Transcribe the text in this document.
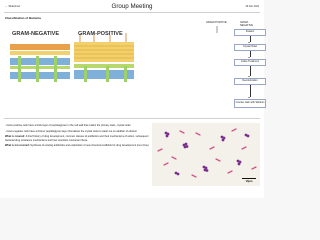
← Slideshow	09 Feb 2024
Group Meeting
Classification of Bacteria
GRAM-NEGATIVE	GRAM-POSITIVE
GRAM-POSITIVE	GRAM-NEGATIVE
Fixation
Crystal Violet
Iodine Treatment
Decolorization
Counter stain with Safranin

- Gram-positive cells have a thick layer of peptidoglycan in the cell wall that retains the primary stain, crystal violet

- Gram-negative cells have a thinner peptidoglycan layer that allows the crystal violet to wash out on addition of ethanol

What is covered: A brief history of drug development, common classes of antibiotics and their mechanisms of action, subsequent bacterial drug resistance mechanisms and how scientists counteract these.

What is not covered: Synthesis of existing antibiotics and exploration of new chemical scaffolds for drug development (next time)

10μm
